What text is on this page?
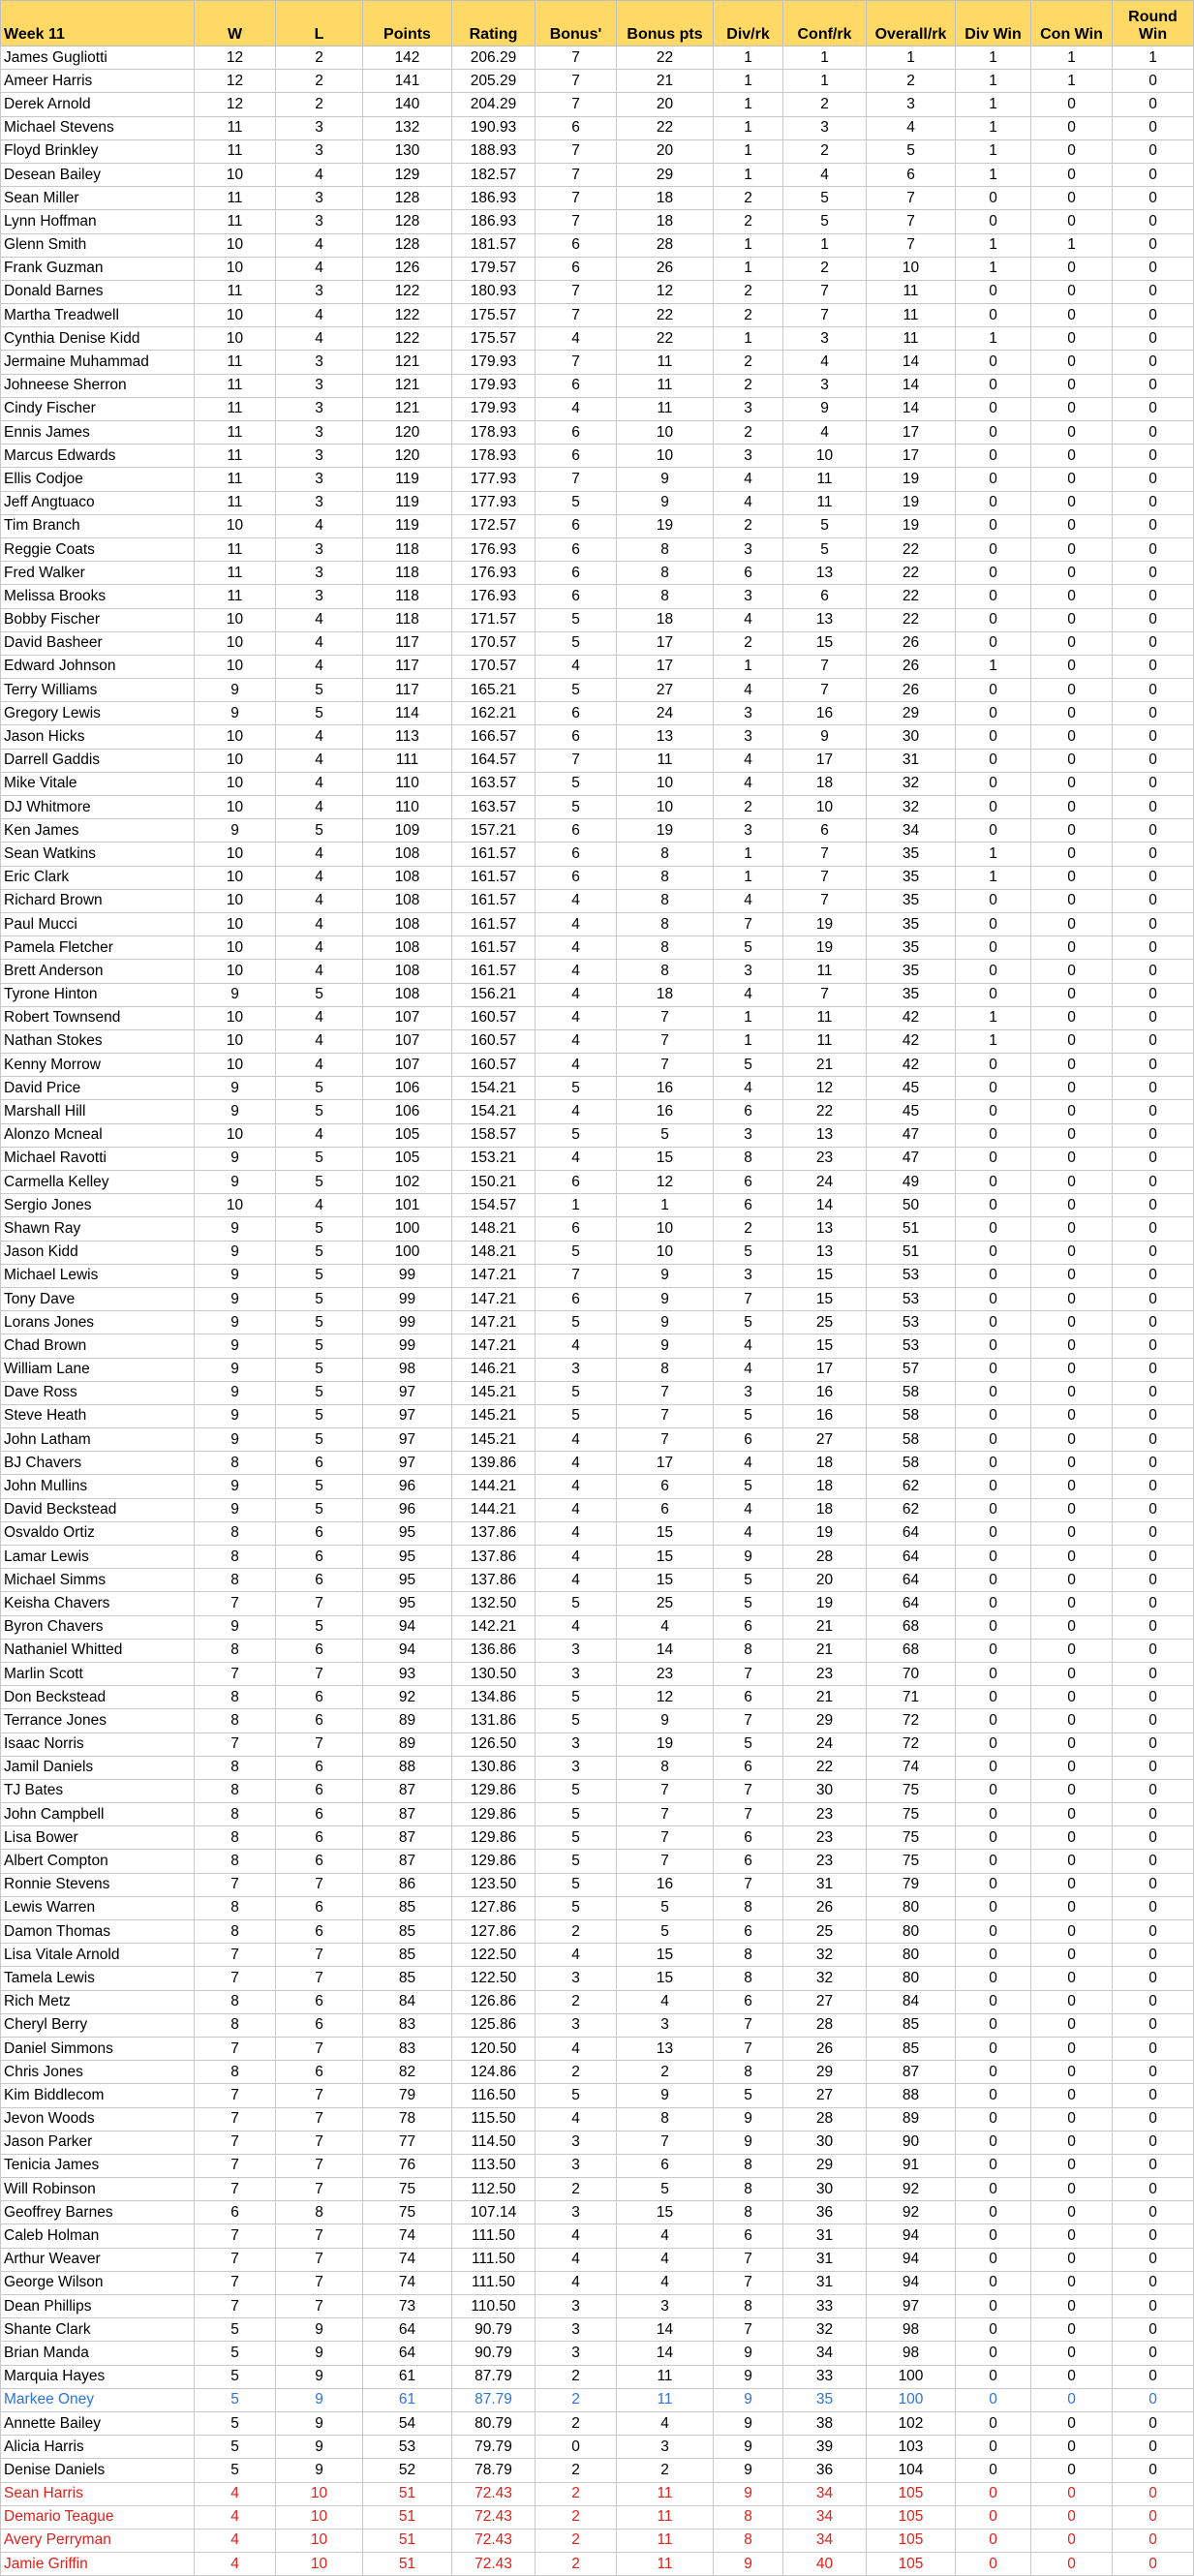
Week 11	W	L	Points	Rating	Bonus'	Bonus pts	Div/rk	Conf/rk	Overall/rk	Div Win	Con Win	Round Win
James Gugliotti	12	2	142	206.29	7	22	1	1	1	1	1	1
Ameer Harris	12	2	141	205.29	7	21	1	1	2	1	1	0
Derek Arnold	12	2	140	204.29	7	20	1	2	3	1	0	0
Michael Stevens	11	3	132	190.93	6	22	1	3	4	1	0	0
Floyd Brinkley	11	3	130	188.93	7	20	1	2	5	1	0	0
Desean Bailey	10	4	129	182.57	7	29	1	4	6	1	0	0
Sean Miller	11	3	128	186.93	7	18	2	5	7	0	0	0
Lynn Hoffman	11	3	128	186.93	7	18	2	5	7	0	0	0
Glenn Smith	10	4	128	181.57	6	28	1	1	7	1	1	0
Frank Guzman	10	4	126	179.57	6	26	1	2	10	1	0	0
Donald Barnes	11	3	122	180.93	7	12	2	7	11	0	0	0
Martha Treadwell	10	4	122	175.57	7	22	2	7	11	0	0	0
Cynthia Denise Kidd	10	4	122	175.57	4	22	1	3	11	1	0	0
Jermaine Muhammad	11	3	121	179.93	7	11	2	4	14	0	0	0
Johneese Sherron	11	3	121	179.93	6	11	2	3	14	0	0	0
Cindy Fischer	11	3	121	179.93	4	11	3	9	14	0	0	0
Ennis James	11	3	120	178.93	6	10	2	4	17	0	0	0
Marcus Edwards	11	3	120	178.93	6	10	3	10	17	0	0	0
Ellis Codjoe	11	3	119	177.93	7	9	4	11	19	0	0	0
Jeff Angtuaco	11	3	119	177.93	5	9	4	11	19	0	0	0
Tim Branch	10	4	119	172.57	6	19	2	5	19	0	0	0
Reggie Coats	11	3	118	176.93	6	8	3	5	22	0	0	0
Fred Walker	11	3	118	176.93	6	8	6	13	22	0	0	0
Melissa Brooks	11	3	118	176.93	6	8	3	6	22	0	0	0
Bobby Fischer	10	4	118	171.57	5	18	4	13	22	0	0	0
David Basheer	10	4	117	170.57	5	17	2	15	26	0	0	0
Edward Johnson	10	4	117	170.57	4	17	1	7	26	1	0	0
Terry Williams	9	5	117	165.21	5	27	4	7	26	0	0	0
Gregory Lewis	9	5	114	162.21	6	24	3	16	29	0	0	0
Jason Hicks	10	4	113	166.57	6	13	3	9	30	0	0	0
Darrell Gaddis	10	4	111	164.57	7	11	4	17	31	0	0	0
Mike Vitale	10	4	110	163.57	5	10	4	18	32	0	0	0
DJ Whitmore	10	4	110	163.57	5	10	2	10	32	0	0	0
Ken James	9	5	109	157.21	6	19	3	6	34	0	0	0
Sean Watkins	10	4	108	161.57	6	8	1	7	35	1	0	0
Eric Clark	10	4	108	161.57	6	8	1	7	35	1	0	0
Richard Brown	10	4	108	161.57	4	8	4	7	35	0	0	0
Paul Mucci	10	4	108	161.57	4	8	7	19	35	0	0	0
Pamela Fletcher	10	4	108	161.57	4	8	5	19	35	0	0	0
Brett Anderson	10	4	108	161.57	4	8	3	11	35	0	0	0
Tyrone Hinton	9	5	108	156.21	4	18	4	7	35	0	0	0
Robert Townsend	10	4	107	160.57	4	7	1	11	42	1	0	0
Nathan Stokes	10	4	107	160.57	4	7	1	11	42	1	0	0
Kenny Morrow	10	4	107	160.57	4	7	5	21	42	0	0	0
David Price	9	5	106	154.21	5	16	4	12	45	0	0	0
Marshall Hill	9	5	106	154.21	4	16	6	22	45	0	0	0
Alonzo Mcneal	10	4	105	158.57	5	5	3	13	47	0	0	0
Michael Ravotti	9	5	105	153.21	4	15	8	23	47	0	0	0
Carmella Kelley	9	5	102	150.21	6	12	6	24	49	0	0	0
Sergio Jones	10	4	101	154.57	1	1	6	14	50	0	0	0
Shawn Ray	9	5	100	148.21	6	10	2	13	51	0	0	0
Jason Kidd	9	5	100	148.21	5	10	5	13	51	0	0	0
Michael Lewis	9	5	99	147.21	7	9	3	15	53	0	0	0
Tony Dave	9	5	99	147.21	6	9	7	15	53	0	0	0
Lorans Jones	9	5	99	147.21	5	9	5	25	53	0	0	0
Chad Brown	9	5	99	147.21	4	9	4	15	53	0	0	0
William Lane	9	5	98	146.21	3	8	4	17	57	0	0	0
Dave Ross	9	5	97	145.21	5	7	3	16	58	0	0	0
Steve Heath	9	5	97	145.21	5	7	5	16	58	0	0	0
John Latham	9	5	97	145.21	4	7	6	27	58	0	0	0
BJ Chavers	8	6	97	139.86	4	17	4	18	58	0	0	0
John Mullins	9	5	96	144.21	4	6	5	18	62	0	0	0
David Beckstead	9	5	96	144.21	4	6	4	18	62	0	0	0
Osvaldo Ortiz	8	6	95	137.86	4	15	4	19	64	0	0	0
Lamar Lewis	8	6	95	137.86	4	15	9	28	64	0	0	0
Michael Simms	8	6	95	137.86	4	15	5	20	64	0	0	0
Keisha Chavers	7	7	95	132.50	5	25	5	19	64	0	0	0
Byron Chavers	9	5	94	142.21	4	4	6	21	68	0	0	0
Nathaniel Whitted	8	6	94	136.86	3	14	8	21	68	0	0	0
Marlin Scott	7	7	93	130.50	3	23	7	23	70	0	0	0
Don Beckstead	8	6	92	134.86	5	12	6	21	71	0	0	0
Terrance Jones	8	6	89	131.86	5	9	7	29	72	0	0	0
Isaac Norris	7	7	89	126.50	3	19	5	24	72	0	0	0
Jamil Daniels	8	6	88	130.86	3	8	6	22	74	0	0	0
TJ Bates	8	6	87	129.86	5	7	7	30	75	0	0	0
John Campbell	8	6	87	129.86	5	7	7	23	75	0	0	0
Lisa Bower	8	6	87	129.86	5	7	6	23	75	0	0	0
Albert Compton	8	6	87	129.86	5	7	6	23	75	0	0	0
Ronnie Stevens	7	7	86	123.50	5	16	7	31	79	0	0	0
Lewis Warren	8	6	85	127.86	5	5	8	26	80	0	0	0
Damon Thomas	8	6	85	127.86	2	5	6	25	80	0	0	0
Lisa Vitale Arnold	7	7	85	122.50	4	15	8	32	80	0	0	0
Tamela Lewis	7	7	85	122.50	3	15	8	32	80	0	0	0
Rich Metz	8	6	84	126.86	2	4	6	27	84	0	0	0
Cheryl Berry	8	6	83	125.86	3	3	7	28	85	0	0	0
Daniel Simmons	7	7	83	120.50	4	13	7	26	85	0	0	0
Chris Jones	8	6	82	124.86	2	2	8	29	87	0	0	0
Kim Biddlecom	7	7	79	116.50	5	9	5	27	88	0	0	0
Jevon Woods	7	7	78	115.50	4	8	9	28	89	0	0	0
Jason Parker	7	7	77	114.50	3	7	9	30	90	0	0	0
Tenicia James	7	7	76	113.50	3	6	8	29	91	0	0	0
Will Robinson	7	7	75	112.50	2	5	8	30	92	0	0	0
Geoffrey Barnes	6	8	75	107.14	3	15	8	36	92	0	0	0
Caleb Holman	7	7	74	111.50	4	4	6	31	94	0	0	0
Arthur Weaver	7	7	74	111.50	4	4	7	31	94	0	0	0
George Wilson	7	7	74	111.50	4	4	7	31	94	0	0	0
Dean Phillips	7	7	73	110.50	3	3	8	33	97	0	0	0
Shante Clark	5	9	64	90.79	3	14	7	32	98	0	0	0
Brian Manda	5	9	64	90.79	3	14	9	34	98	0	0	0
Marquia Hayes	5	9	61	87.79	2	11	9	33	100	0	0	0
Markee Oney	5	9	61	87.79	2	11	9	35	100	0	0	0
Annette Bailey	5	9	54	80.79	2	4	9	38	102	0	0	0
Alicia Harris	5	9	53	79.79	0	3	9	39	103	0	0	0
Denise Daniels	5	9	52	78.79	2	2	9	36	104	0	0	0
Sean Harris	4	10	51	72.43	2	11	9	34	105	0	0	0
Demario Teague	4	10	51	72.43	2	11	8	34	105	0	0	0
Avery Perryman	4	10	51	72.43	2	11	8	34	105	0	0	0
Jamie Griffin	4	10	51	72.43	2	11	9	40	105	0	0	0
